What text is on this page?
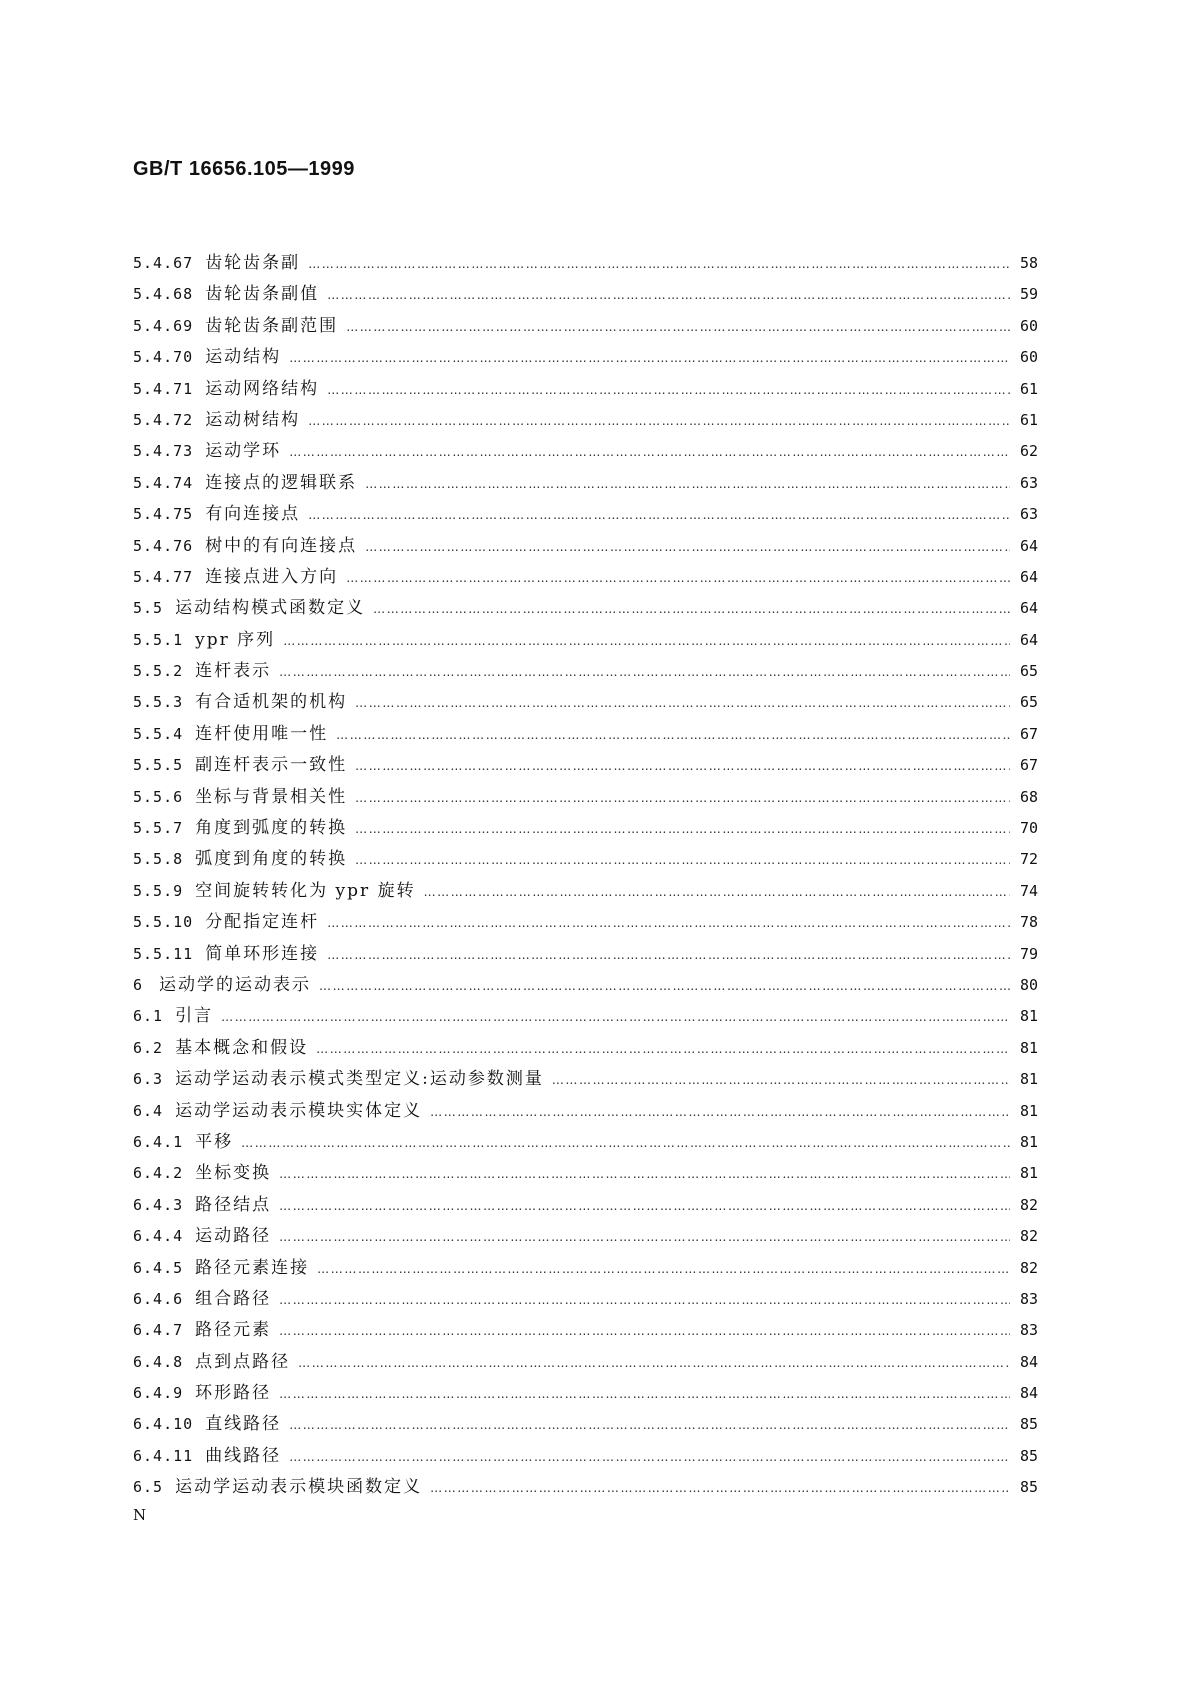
GB/T 16656.105—1999
5.4.67 齿轮齿条副 ……………………………………………………………………………………………………………………………………………………………………………………………………………………………	58
5.4.68 齿轮齿条副值 ……………………………………………………………………………………………………………………………………………………………………………………………………………………………	59
5.4.69 齿轮齿条副范围 ……………………………………………………………………………………………………………………………………………………………………………………………………………………………	60
5.4.70 运动结构 ……………………………………………………………………………………………………………………………………………………………………………………………………………………………	60
5.4.71 运动网络结构 ……………………………………………………………………………………………………………………………………………………………………………………………………………………………	61
5.4.72 运动树结构 ……………………………………………………………………………………………………………………………………………………………………………………………………………………………	61
5.4.73 运动学环 ……………………………………………………………………………………………………………………………………………………………………………………………………………………………	62
5.4.74 连接点的逻辑联系 ……………………………………………………………………………………………………………………………………………………………………………………………………………………………	63
5.4.75 有向连接点 ……………………………………………………………………………………………………………………………………………………………………………………………………………………………	63
5.4.76 树中的有向连接点 ……………………………………………………………………………………………………………………………………………………………………………………………………………………………	64
5.4.77 连接点进入方向 ……………………………………………………………………………………………………………………………………………………………………………………………………………………………	64
5.5 运动结构模式函数定义 ……………………………………………………………………………………………………………………………………………………………………………………………………………………………	64
5.5.1 ypr 序列 ……………………………………………………………………………………………………………………………………………………………………………………………………………………………	64
5.5.2 连杆表示 ……………………………………………………………………………………………………………………………………………………………………………………………………………………………	65
5.5.3 有合适机架的机构 ……………………………………………………………………………………………………………………………………………………………………………………………………………………………	65
5.5.4 连杆使用唯一性 ……………………………………………………………………………………………………………………………………………………………………………………………………………………………	67
5.5.5 副连杆表示一致性 ……………………………………………………………………………………………………………………………………………………………………………………………………………………………	67
5.5.6 坐标与背景相关性 ……………………………………………………………………………………………………………………………………………………………………………………………………………………………	68
5.5.7 角度到弧度的转换 ……………………………………………………………………………………………………………………………………………………………………………………………………………………………	70
5.5.8 弧度到角度的转换 ……………………………………………………………………………………………………………………………………………………………………………………………………………………………	72
5.5.9 空间旋转转化为 ypr 旋转 ……………………………………………………………………………………………………………………………………………………………………………………………………………………………	74
5.5.10 分配指定连杆 ……………………………………………………………………………………………………………………………………………………………………………………………………………………………	78
5.5.11 简单环形连接 ……………………………………………………………………………………………………………………………………………………………………………………………………………………………	79
6 运动学的运动表示 ……………………………………………………………………………………………………………………………………………………………………………………………………………………………	80
6.1 引言 ……………………………………………………………………………………………………………………………………………………………………………………………………………………………	81
6.2 基本概念和假设 ……………………………………………………………………………………………………………………………………………………………………………………………………………………………	81
6.3 运动学运动表示模式类型定义:运动参数测量 ……………………………………………………………………………………………………………………………………………………………………………………………………………………………	81
6.4 运动学运动表示模块实体定义 ……………………………………………………………………………………………………………………………………………………………………………………………………………………………	81
6.4.1 平移 ……………………………………………………………………………………………………………………………………………………………………………………………………………………………	81
6.4.2 坐标变换 ……………………………………………………………………………………………………………………………………………………………………………………………………………………………	81
6.4.3 路径结点 ……………………………………………………………………………………………………………………………………………………………………………………………………………………………	82
6.4.4 运动路径 ……………………………………………………………………………………………………………………………………………………………………………………………………………………………	82
6.4.5 路径元素连接 ……………………………………………………………………………………………………………………………………………………………………………………………………………………………	82
6.4.6 组合路径 ……………………………………………………………………………………………………………………………………………………………………………………………………………………………	83
6.4.7 路径元素 ……………………………………………………………………………………………………………………………………………………………………………………………………………………………	83
6.4.8 点到点路径 ……………………………………………………………………………………………………………………………………………………………………………………………………………………………	84
6.4.9 环形路径 ……………………………………………………………………………………………………………………………………………………………………………………………………………………………	84
6.4.10 直线路径 ……………………………………………………………………………………………………………………………………………………………………………………………………………………………	85
6.4.11 曲线路径 ……………………………………………………………………………………………………………………………………………………………………………………………………………………………	85
6.5 运动学运动表示模块函数定义 ……………………………………………………………………………………………………………………………………………………………………………………………………………………………	85
N
